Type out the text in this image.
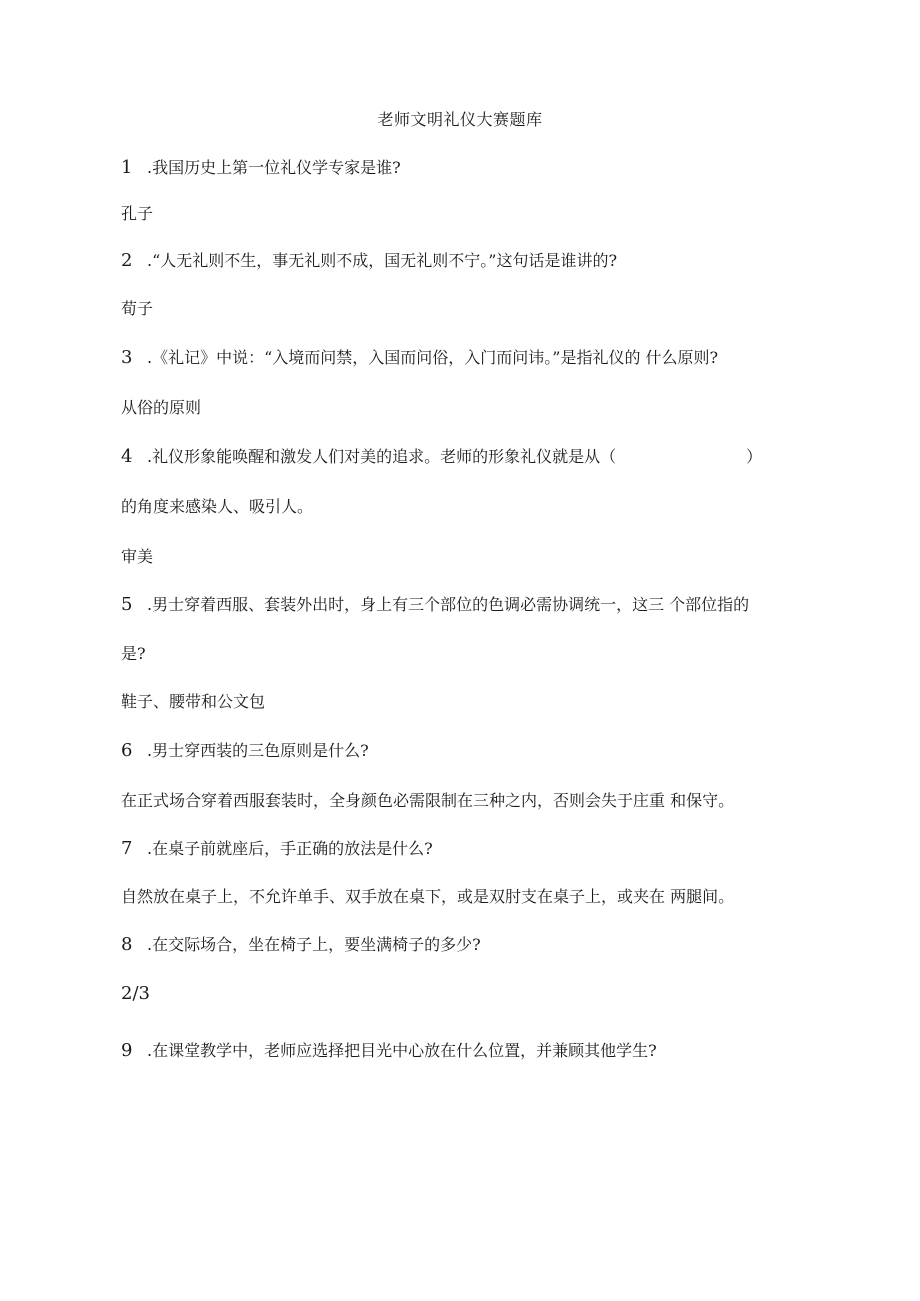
老师文明礼仪大赛题库
1 .我国历史上第一位礼仪学专家是谁?
孔子
2 .“人无礼则不生，事无礼则不成，国无礼则不宁。”这句话是谁讲的?
荀子
3 .《礼记》中说：“入境而问禁，入国而问俗，入门而问讳。”是指礼仪的 什么原则?
从俗的原则
4 .礼仪形象能唤醒和激发人们对美的追求。老师的形象礼仪就是从（	）
的角度来感染人、吸引人。
审美
5 .男士穿着西服、套装外出时，身上有三个部位的色调必需协调统一，这三 个部位指的
是?
鞋子、腰带和公文包
6 .男士穿西装的三色原则是什么?
在正式场合穿着西服套装时，全身颜色必需限制在三种之内，否则会失于庄重 和保守。
7 .在桌子前就座后，手正确的放法是什么?
自然放在桌子上，不允许单手、双手放在桌下，或是双肘支在桌子上，或夹在 两腿间。
8 .在交际场合，坐在椅子上，要坐满椅子的多少?
2/3
9 .在课堂教学中，老师应选择把目光中心放在什么位置，并兼顾其他学生?
